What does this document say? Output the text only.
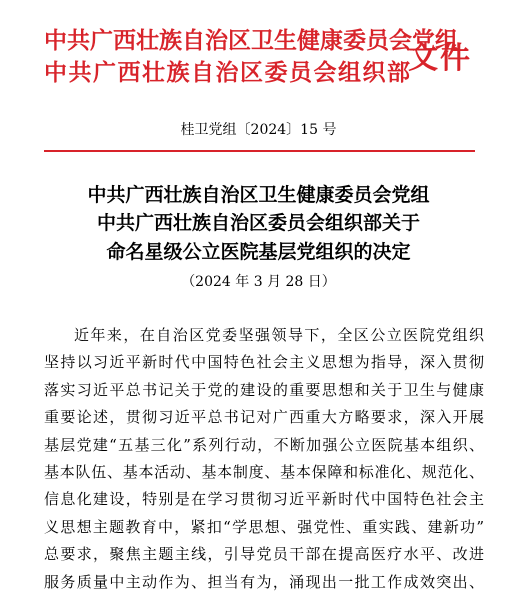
中共广西壮族自治区卫生健康委员会党组
中共广西壮族自治区委员会组织部
文件
桂卫党组〔2024〕15 号
中共广西壮族自治区卫生健康委员会党组
中共广西壮族自治区委员会组织部关于
命名星级公立医院基层党组织的决定
（2024 年 3 月 28 日）
近年来，在自治区党委坚强领导下，全区公立医院党组织
坚持以习近平新时代中国特色社会主义思想为指导，深入贯彻
落实习近平总书记关于党的建设的重要思想和关于卫生与健康
重要论述，贯彻习近平总书记对广西重大方略要求，深入开展
基层党建“五基三化”系列行动，不断加强公立医院基本组织、
基本队伍、基本活动、基本制度、基本保障和标准化、规范化、
信息化建设，特别是在学习贯彻习近平新时代中国特色社会主
义思想主题教育中，紧扣“学思想、强党性、重实践、建新功”
总要求，聚焦主题主线，引导党员干部在提高医疗水平、改进
服务质量中主动作为、担当有为，涌现出一批工作成效突出、
